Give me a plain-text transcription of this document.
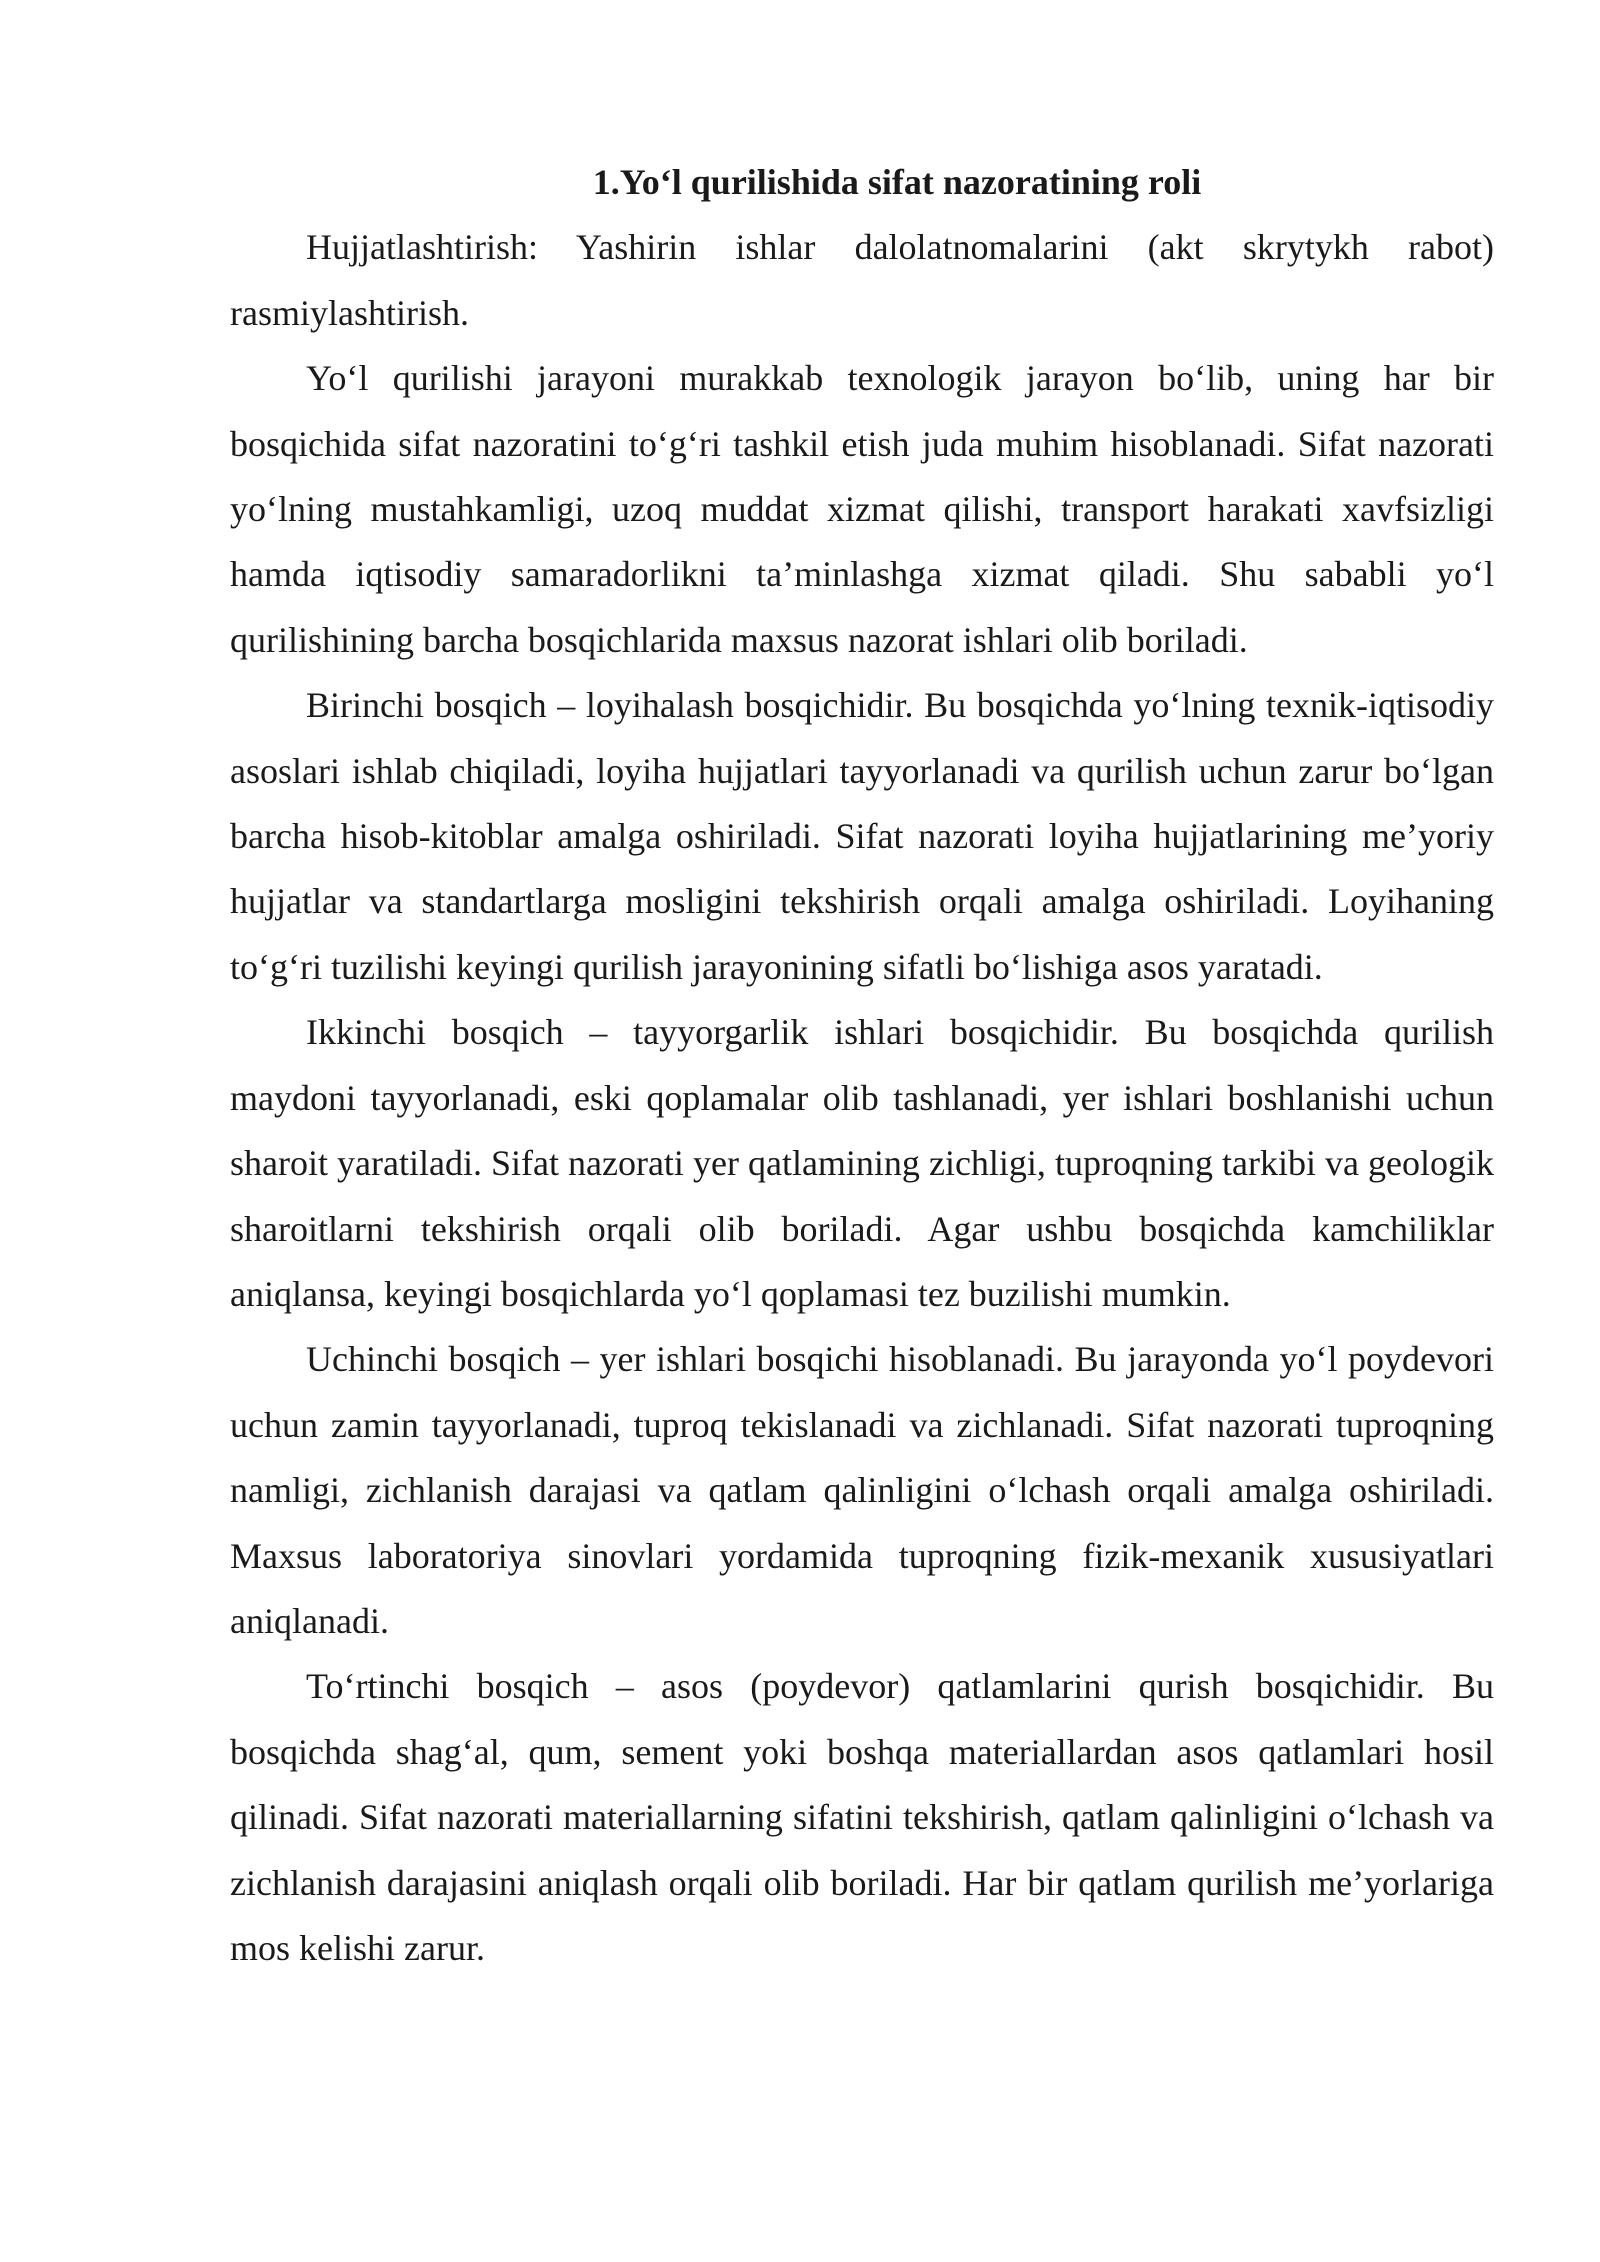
1.Yo‘l qurilishida sifat nazoratining roli

Hujjatlashtirish: Yashirin ishlar dalolatnomalarini (akt skrytykh rabot) rasmiylashtirish.

Yo‘l qurilishi jarayoni murakkab texnologik jarayon bo‘lib, uning har bir bosqichida sifat nazoratini to‘g‘ri tashkil etish juda muhim hisoblanadi. Sifat nazorati yo‘lning mustahkamligi, uzoq muddat xizmat qilishi, transport harakati xavfsizligi hamda iqtisodiy samaradorlikni ta’minlashga xizmat qiladi. Shu sababli yo‘l qurilishining barcha bosqichlarida maxsus nazorat ishlari olib boriladi.

Birinchi bosqich – loyihalash bosqichidir. Bu bosqichda yo‘lning texnik-iqtisodiy asoslari ishlab chiqiladi, loyiha hujjatlari tayyorlanadi va qurilish uchun zarur bo‘lgan barcha hisob-kitoblar amalga oshiriladi. Sifat nazorati loyiha hujjatlarining me’yoriy hujjatlar va standartlarga mosligini tekshirish orqali amalga oshiriladi. Loyihaning to‘g‘ri tuzilishi keyingi qurilish jarayonining sifatli bo‘lishiga asos yaratadi.

Ikkinchi bosqich – tayyorgarlik ishlari bosqichidir. Bu bosqichda qurilish maydoni tayyorlanadi, eski qoplamalar olib tashlanadi, yer ishlari boshlanishi uchun sharoit yaratiladi. Sifat nazorati yer qatlamining zichligi, tuproqning tarkibi va geologik sharoitlarni tekshirish orqali olib boriladi. Agar ushbu bosqichda kamchiliklar aniqlansa, keyingi bosqichlarda yo‘l qoplamasi tez buzilishi mumkin.

Uchinchi bosqich – yer ishlari bosqichi hisoblanadi. Bu jarayonda yo‘l poydevori uchun zamin tayyorlanadi, tuproq tekislanadi va zichlanadi. Sifat nazorati tuproqning namligi, zichlanish darajasi va qatlam qalinligini o‘lchash orqali amalga oshiriladi. Maxsus laboratoriya sinovlari yordamida tuproqning fizik-mexanik xususiyatlari aniqlanadi.

To‘rtinchi bosqich – asos (poydevor) qatlamlarini qurish bosqichidir. Bu bosqichda shag‘al, qum, sement yoki boshqa materiallardan asos qatlamlari hosil qilinadi. Sifat nazorati materiallarning sifatini tekshirish, qatlam qalinligini o‘lchash va zichlanish darajasini aniqlash orqali olib boriladi. Har bir qatlam qurilish me’yorlariga mos kelishi zarur.
